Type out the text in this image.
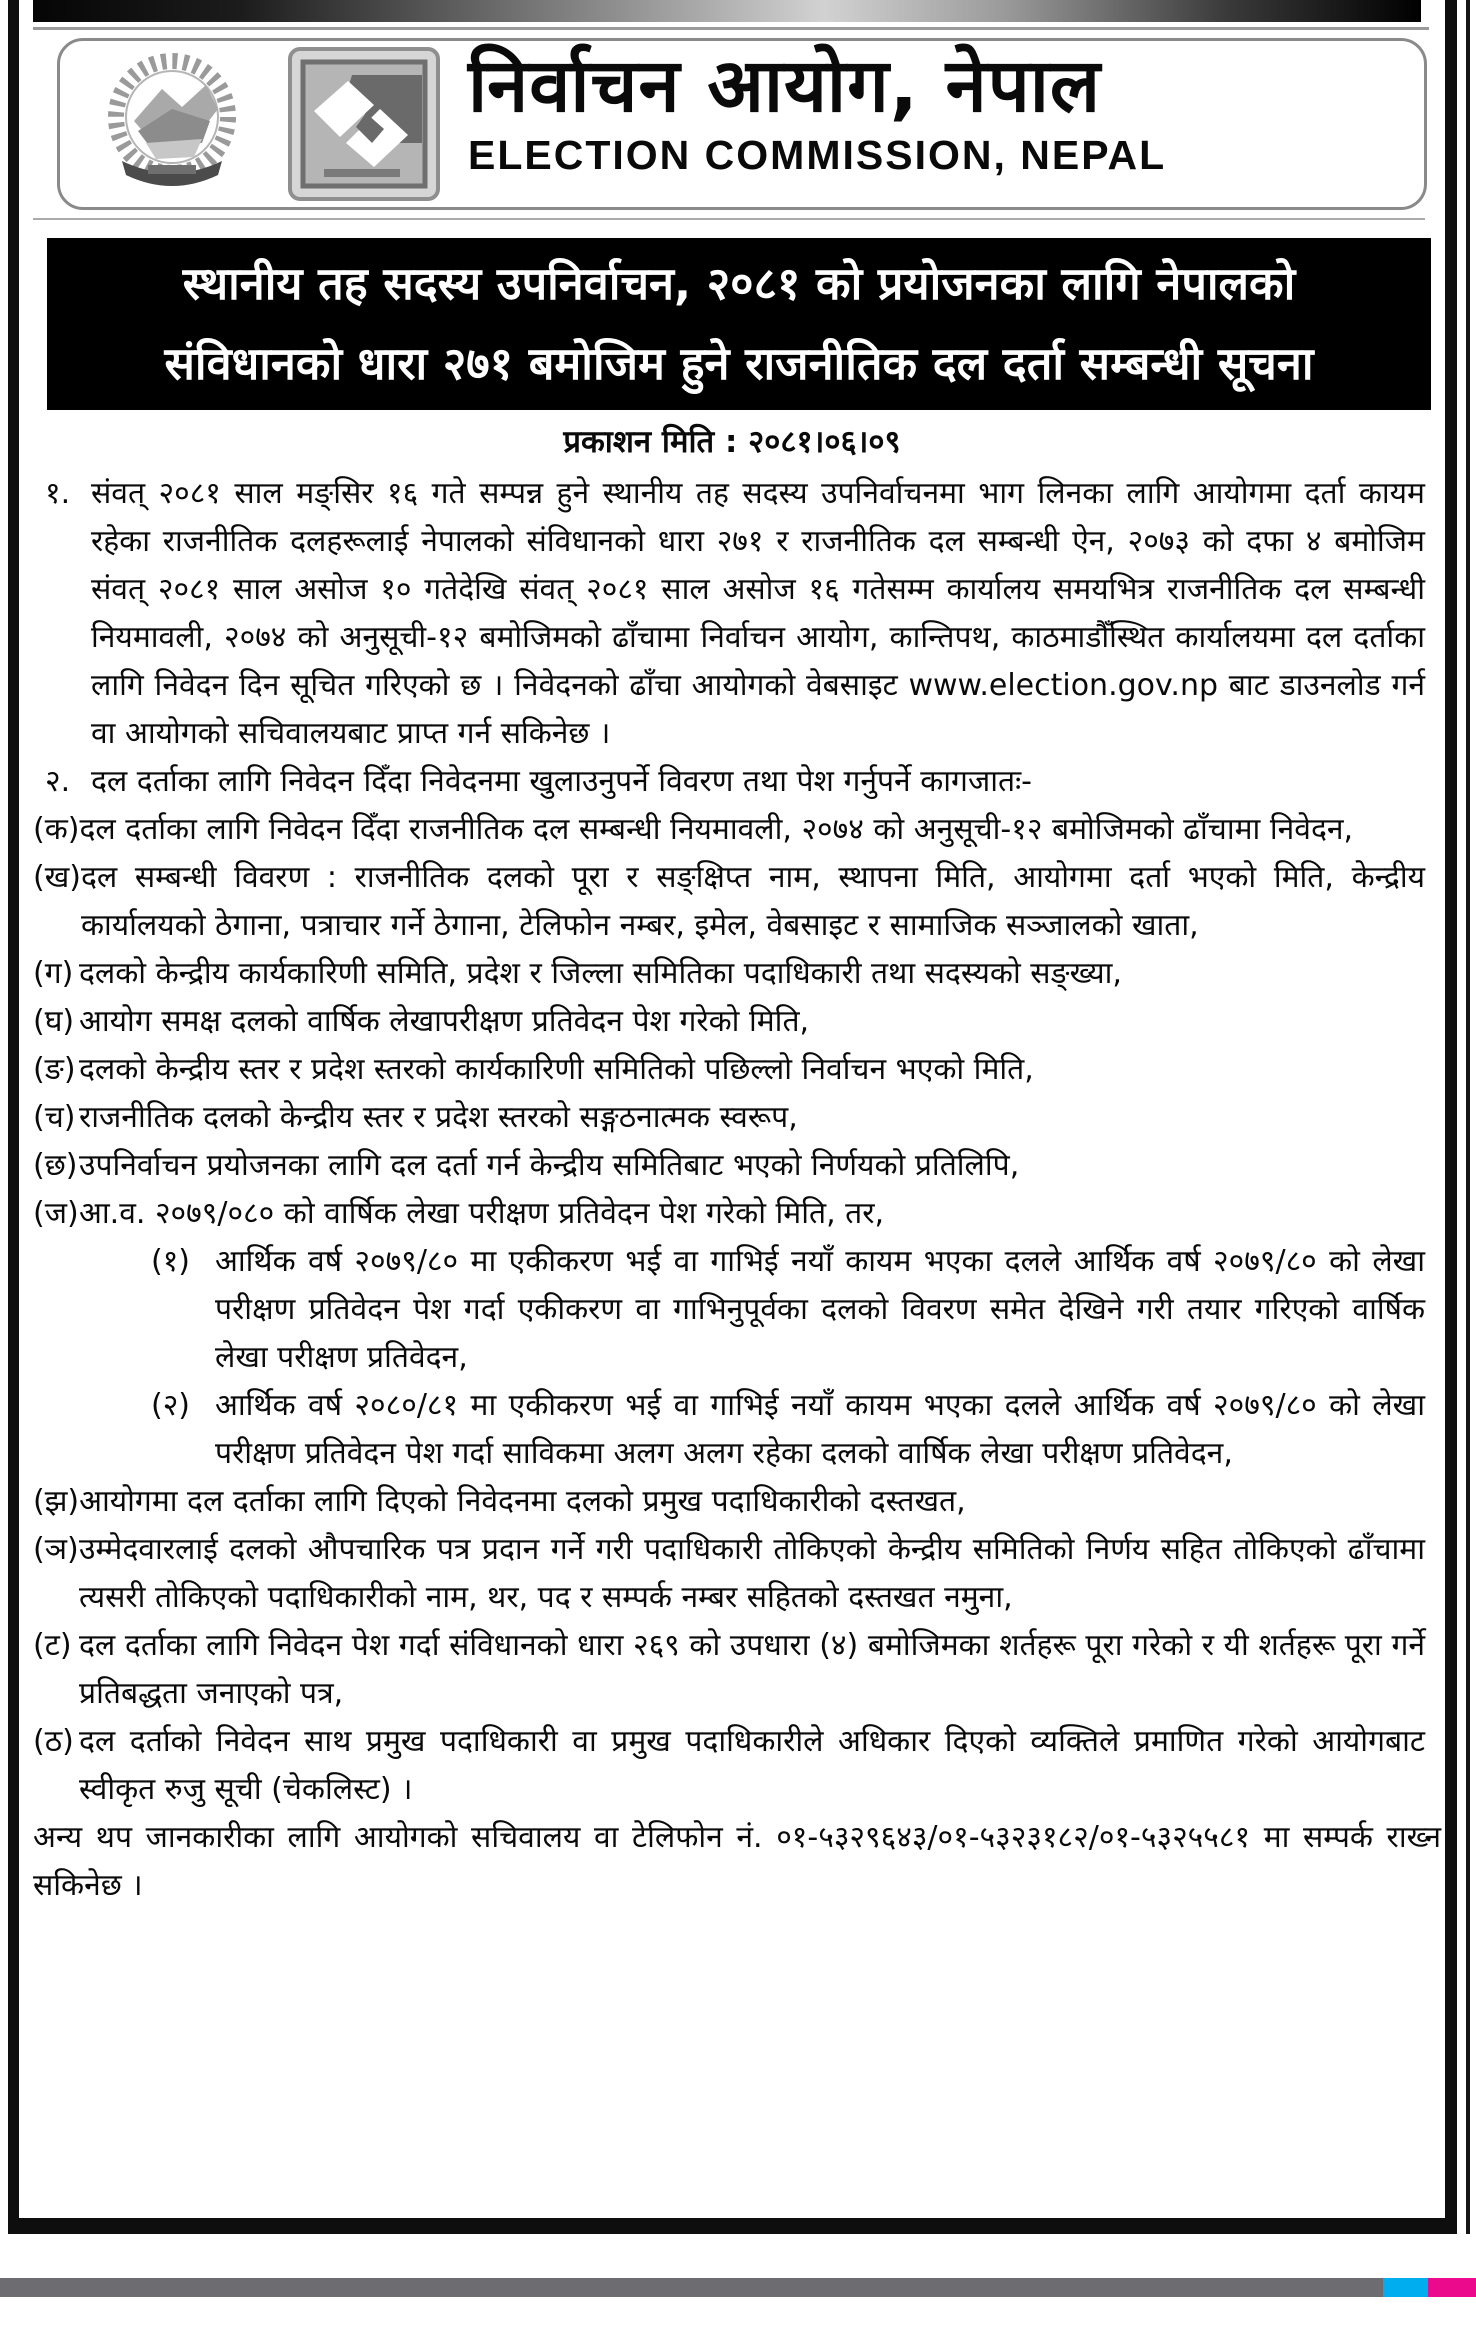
निर्वाचन आयोग, नेपाल
ELECTION COMMISSION, NEPAL
स्थानीय तह सदस्य उपनिर्वाचन, २०८१ को प्रयोजनका लागि नेपालको
संविधानको धारा २७१ बमोजिम हुने राजनीतिक दल दर्ता सम्बन्धी सूचना
प्रकाशन मिति : २०८१।०६।०९
१. संवत् २०८१ साल मङ्सिर १६ गते सम्पन्न हुने स्थानीय तह सदस्य उपनिर्वाचनमा भाग लिनका लागि आयोगमा दर्ता कायम रहेका राजनीतिक दलहरूलाई नेपालको संविधानको धारा २७१ र राजनीतिक दल सम्बन्धी ऐन, २०७३ को दफा ४ बमोजिम संवत् २०८१ साल असोज १० गतेदेखि संवत् २०८१ साल असोज १६ गतेसम्म कार्यालय समयभित्र राजनीतिक दल सम्बन्धी नियमावली, २०७४ को अनुसूची-१२ बमोजिमको ढाँचामा निर्वाचन आयोग, कान्तिपथ, काठमाडौँस्थित कार्यालयमा दल दर्ताका लागि निवेदन दिन सूचित गरिएको छ । निवेदनको ढाँचा आयोगको वेबसाइट www.election.gov.np बाट डाउनलोड गर्न वा आयोगको सचिवालयबाट प्राप्त गर्न सकिनेछ ।
२. दल दर्ताका लागि निवेदन दिँदा निवेदनमा खुलाउनुपर्ने विवरण तथा पेश गर्नुपर्ने कागजातः-
(क) दल दर्ताका लागि निवेदन दिँदा राजनीतिक दल सम्बन्धी नियमावली, २०७४ को अनुसूची-१२ बमोजिमको ढाँचामा निवेदन,
(ख) दल सम्बन्धी विवरण : राजनीतिक दलको पूरा र सङ्क्षिप्त नाम, स्थापना मिति, आयोगमा दर्ता भएको मिति, केन्द्रीय कार्यालयको ठेगाना, पत्राचार गर्ने ठेगाना, टेलिफोन नम्बर, इमेल, वेबसाइट र सामाजिक सञ्जालको खाता,
(ग) दलको केन्द्रीय कार्यकारिणी समिति, प्रदेश र जिल्ला समितिका पदाधिकारी तथा सदस्यको सङ्ख्या,
(घ) आयोग समक्ष दलको वार्षिक लेखापरीक्षण प्रतिवेदन पेश गरेको मिति,
(ङ) दलको केन्द्रीय स्तर र प्रदेश स्तरको कार्यकारिणी समितिको पछिल्लो निर्वाचन भएको मिति,
(च) राजनीतिक दलको केन्द्रीय स्तर र प्रदेश स्तरको सङ्गठनात्मक स्वरूप,
(छ) उपनिर्वाचन प्रयोजनका लागि दल दर्ता गर्न केन्द्रीय समितिबाट भएको निर्णयको प्रतिलिपि,
(ज) आ.व. २०७९/०८० को वार्षिक लेखा परीक्षण प्रतिवेदन पेश गरेको मिति, तर,
(१) आर्थिक वर्ष २०७९/८० मा एकीकरण भई वा गाभिई नयाँ कायम भएका दलले आर्थिक वर्ष २०७९/८० को लेखा परीक्षण प्रतिवेदन पेश गर्दा एकीकरण वा गाभिनुपूर्वका दलको विवरण समेत देखिने गरी तयार गरिएको वार्षिक लेखा परीक्षण प्रतिवेदन,
(२) आर्थिक वर्ष २०८०/८१ मा एकीकरण भई वा गाभिई नयाँ कायम भएका दलले आर्थिक वर्ष २०७९/८० को लेखा परीक्षण प्रतिवेदन पेश गर्दा साविकमा अलग अलग रहेका दलको वार्षिक लेखा परीक्षण प्रतिवेदन,
(झ) आयोगमा दल दर्ताका लागि दिएको निवेदनमा दलको प्रमुख पदाधिकारीको दस्तखत,
(ञ) उम्मेदवारलाई दलको औपचारिक पत्र प्रदान गर्ने गरी पदाधिकारी तोकिएको केन्द्रीय समितिको निर्णय सहित तोकिएको ढाँचामा त्यसरी तोकिएको पदाधिकारीको नाम, थर, पद र सम्पर्क नम्बर सहितको दस्तखत नमुना,
(ट) दल दर्ताका लागि निवेदन पेश गर्दा संविधानको धारा २६९ को उपधारा (४) बमोजिमका शर्तहरू पूरा गरेको र यी शर्तहरू पूरा गर्ने प्रतिबद्धता जनाएको पत्र,
(ठ) दल दर्ताको निवेदन साथ प्रमुख पदाधिकारी वा प्रमुख पदाधिकारीले अधिकार दिएको व्यक्तिले प्रमाणित गरेको आयोगबाट स्वीकृत रुजु सूची (चेकलिस्ट) ।
अन्य थप जानकारीका लागि आयोगको सचिवालय वा टेलिफोन नं. ०१-५३२९६४३/०१-५३२३१८२/०१-५३२५५८१ मा सम्पर्क राख्न सकिनेछ ।
